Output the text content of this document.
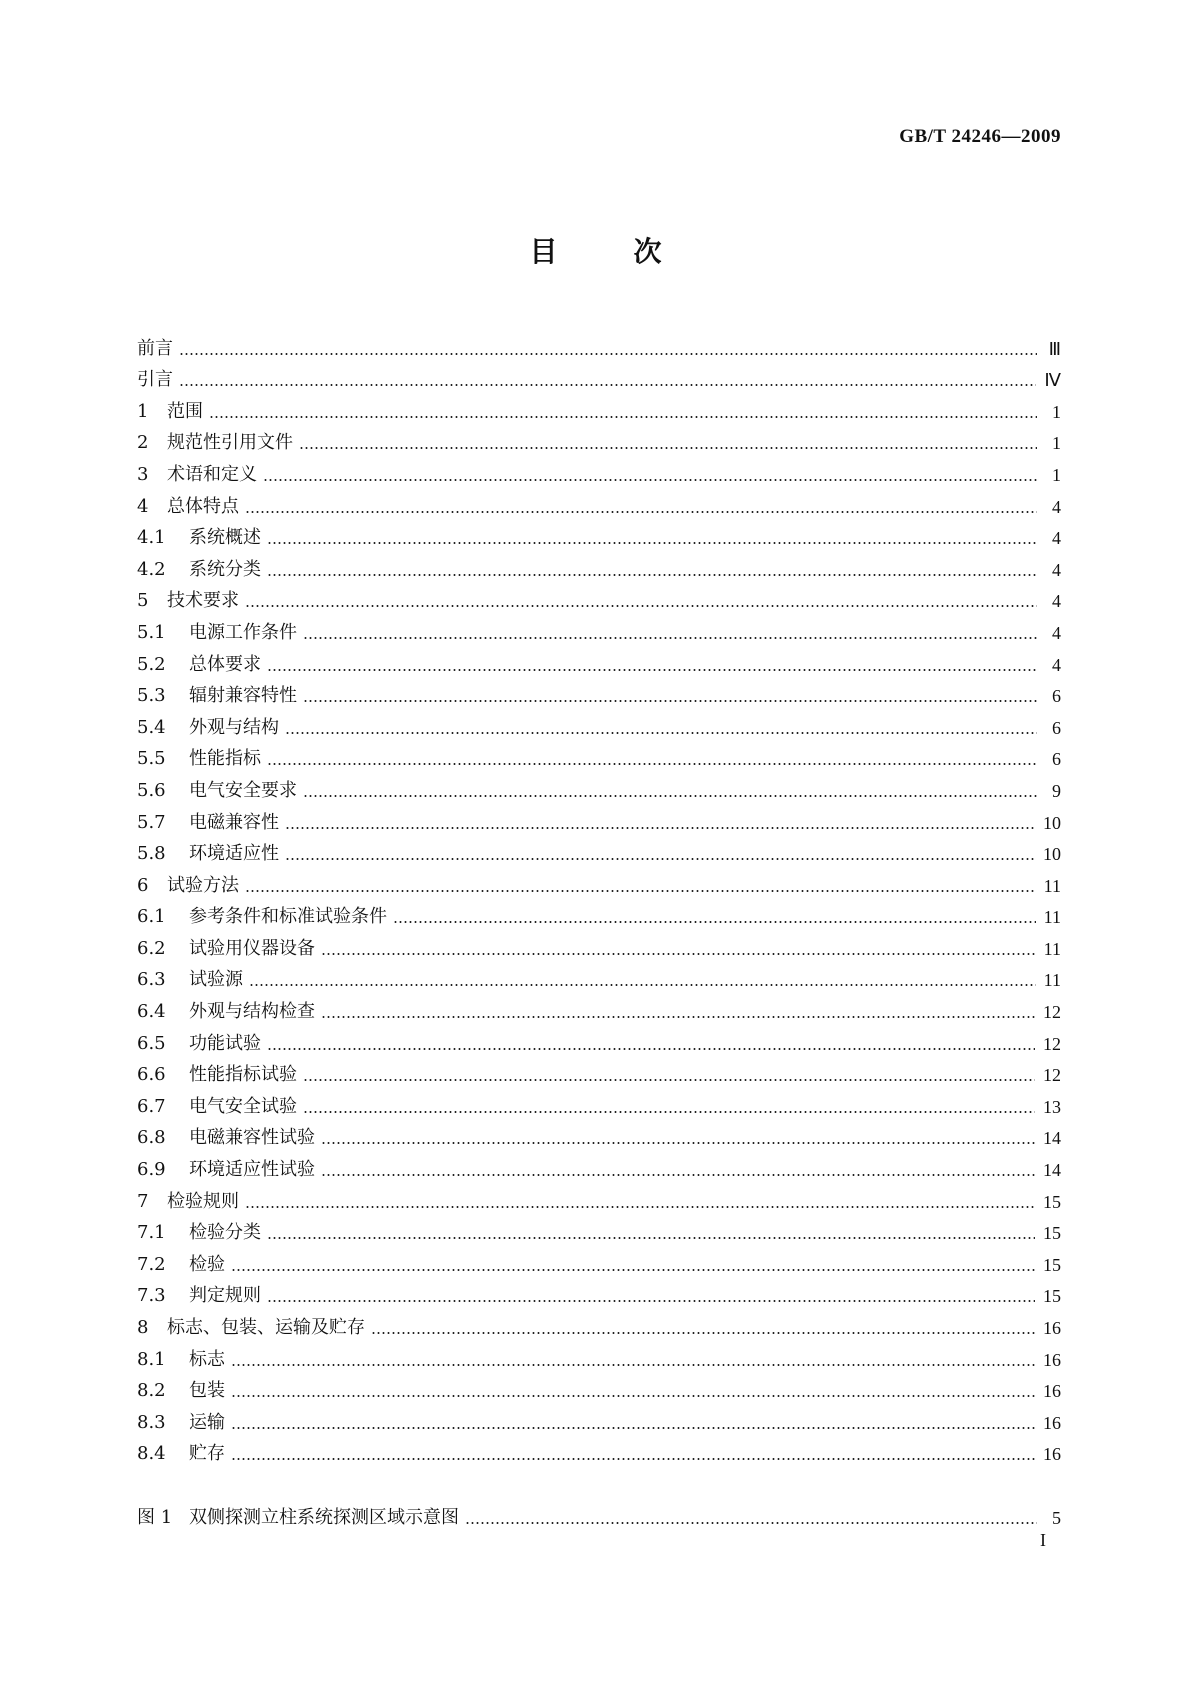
GB/T 24246—2009
目	次
前言	Ⅲ
引言	Ⅳ
1	范围	1
2	规范性引用文件	1
3	术语和定义	1
4	总体特点	4
4.1	系统概述	4
4.2	系统分类	4
5	技术要求	4
5.1	电源工作条件	4
5.2	总体要求	4
5.3	辐射兼容特性	6
5.4	外观与结构	6
5.5	性能指标	6
5.6	电气安全要求	9
5.7	电磁兼容性	10
5.8	环境适应性	10
6	试验方法	11
6.1	参考条件和标准试验条件	11
6.2	试验用仪器设备	11
6.3	试验源	11
6.4	外观与结构检查	12
6.5	功能试验	12
6.6	性能指标试验	12
6.7	电气安全试验	13
6.8	电磁兼容性试验	14
6.9	环境适应性试验	14
7	检验规则	15
7.1	检验分类	15
7.2	检验	15
7.3	判定规则	15
8	标志、包装、运输及贮存	16
8.1	标志	16
8.2	包装	16
8.3	运输	16
8.4	贮存	16
图 1 双侧探测立柱系统探测区域示意图	5
I
